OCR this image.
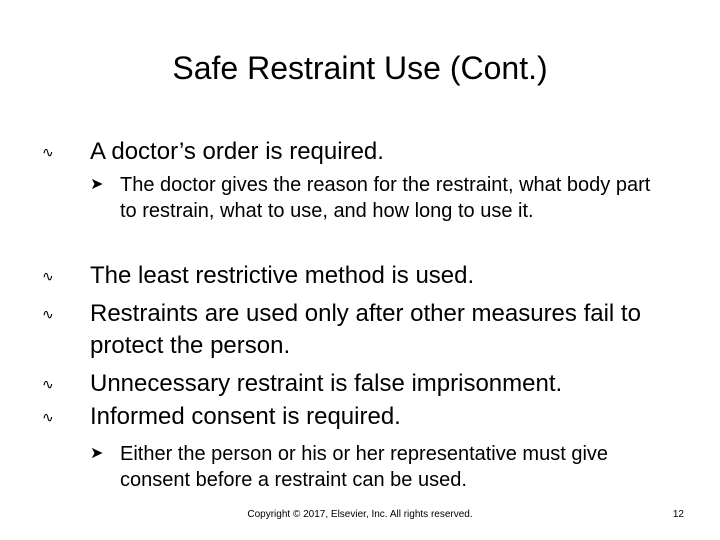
Safe Restraint Use (Cont.)
∿	A doctor’s order is required.
➤ The doctor gives the reason for the restraint, what body part to restrain, what to use, and how long to use it.
∿	The least restrictive method is used.
∿	Restraints are used only after other measures fail to protect the person.
∿	Unnecessary restraint is false imprisonment.
∿	Informed consent is required.
➤ Either the person or his or her representative must give consent before a restraint can be used.
Copyright © 2017, Elsevier, Inc. All rights reserved.	12
